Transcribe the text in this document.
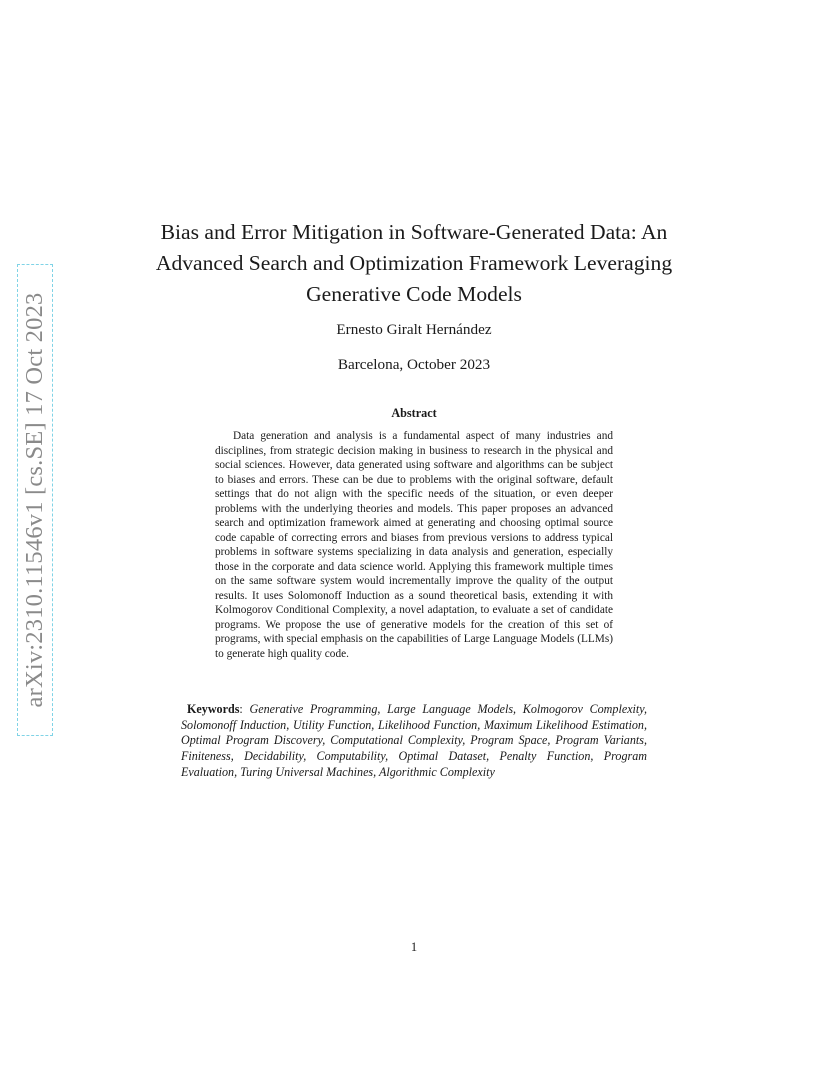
arXiv:2310.11546v1 [cs.SE] 17 Oct 2023
Bias and Error Mitigation in Software-Generated Data: An Advanced Search and Optimization Framework Leveraging Generative Code Models
Ernesto Giralt Hernández
Barcelona, October 2023
Abstract

Data generation and analysis is a fundamental aspect of many industries and disciplines, from strategic decision making in business to research in the physical and social sciences. However, data generated using software and algorithms can be subject to biases and errors. These can be due to problems with the original software, default settings that do not align with the specific needs of the situation, or even deeper problems with the underlying theories and models. This paper proposes an advanced search and optimization framework aimed at generating and choosing optimal source code capable of correcting errors and biases from previous versions to address typical problems in software systems specializing in data analysis and generation, especially those in the corporate and data science world. Applying this framework multiple times on the same software system would incrementally improve the quality of the output results. It uses Solomonoff Induction as a sound theoretical basis, extending it with Kolmogorov Conditional Complexity, a novel adaptation, to evaluate a set of candidate programs. We propose the use of generative models for the creation of this set of programs, with special emphasis on the capabilities of Large Language Models (LLMs) to generate high quality code.

Keywords: Generative Programming, Large Language Models, Kolmogorov Complexity, Solomonoff Induction, Utility Function, Likelihood Function, Maximum Likelihood Estimation, Optimal Program Discovery, Computational Complexity, Program Space, Program Variants, Finiteness, Decidability, Computability, Optimal Dataset, Penalty Function, Program Evaluation, Turing Universal Machines, Algorithmic Complexity

1
